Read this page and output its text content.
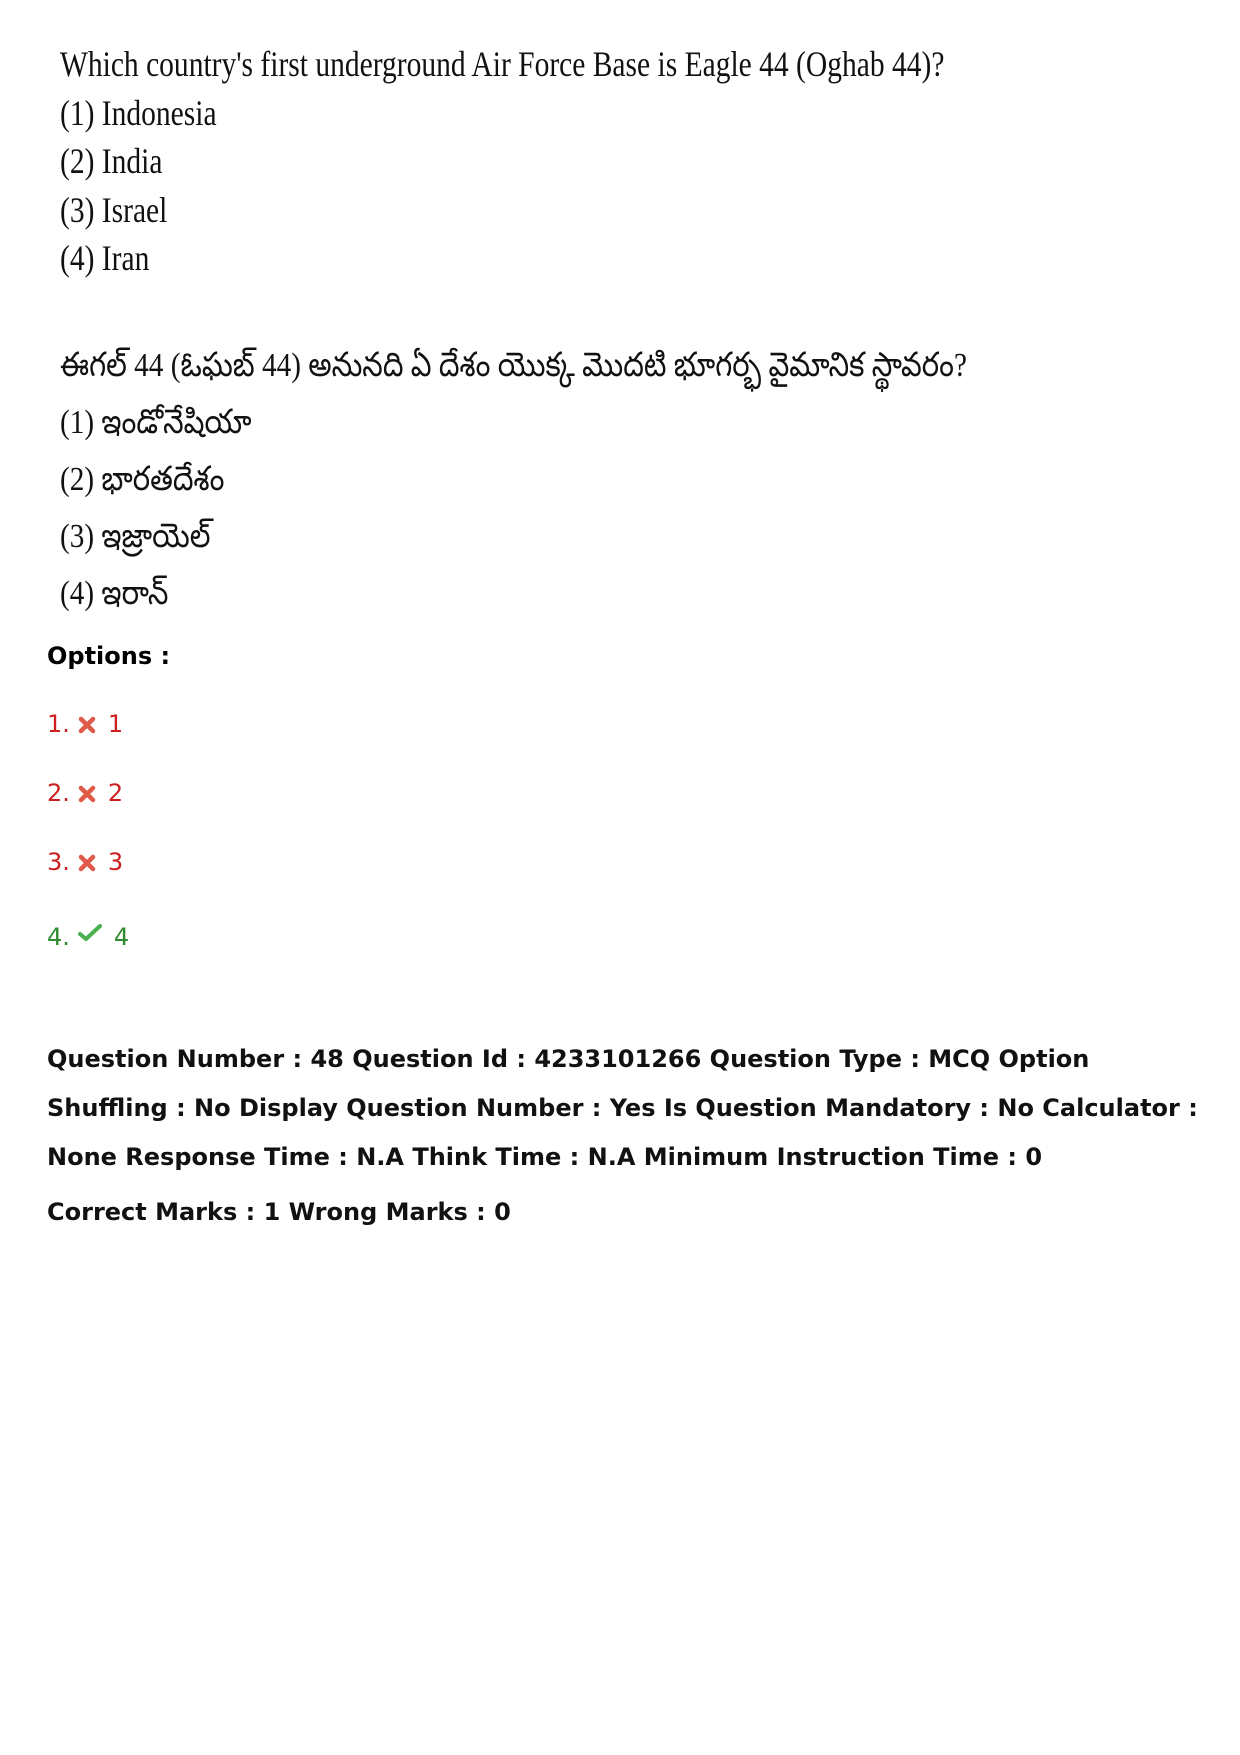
Which country's first underground Air Force Base is Eagle 44 (Oghab 44)?
(1) Indonesia
(2) India
(3) Israel
(4) Iran
ఈగల్ 44 (ఓఘబ్ 44) అనునది ఏ దేశం యొక్క మొదటి భూగర్భ వైమానిక స్థావరం?
(1) ఇండోనేషియా
(2) భారతదేశం
(3) ఇజ్రాయెల్
(4) ఇరాన్
Options :
1. 1
2. 2
3. 3
4. 4
Question Number : 48 Question Id : 4233101266 Question Type : MCQ Option Shuffling : No Display Question Number : Yes Is Question Mandatory : No Calculator : None Response Time : N.A Think Time : N.A Minimum Instruction Time : 0
Correct Marks : 1 Wrong Marks : 0
